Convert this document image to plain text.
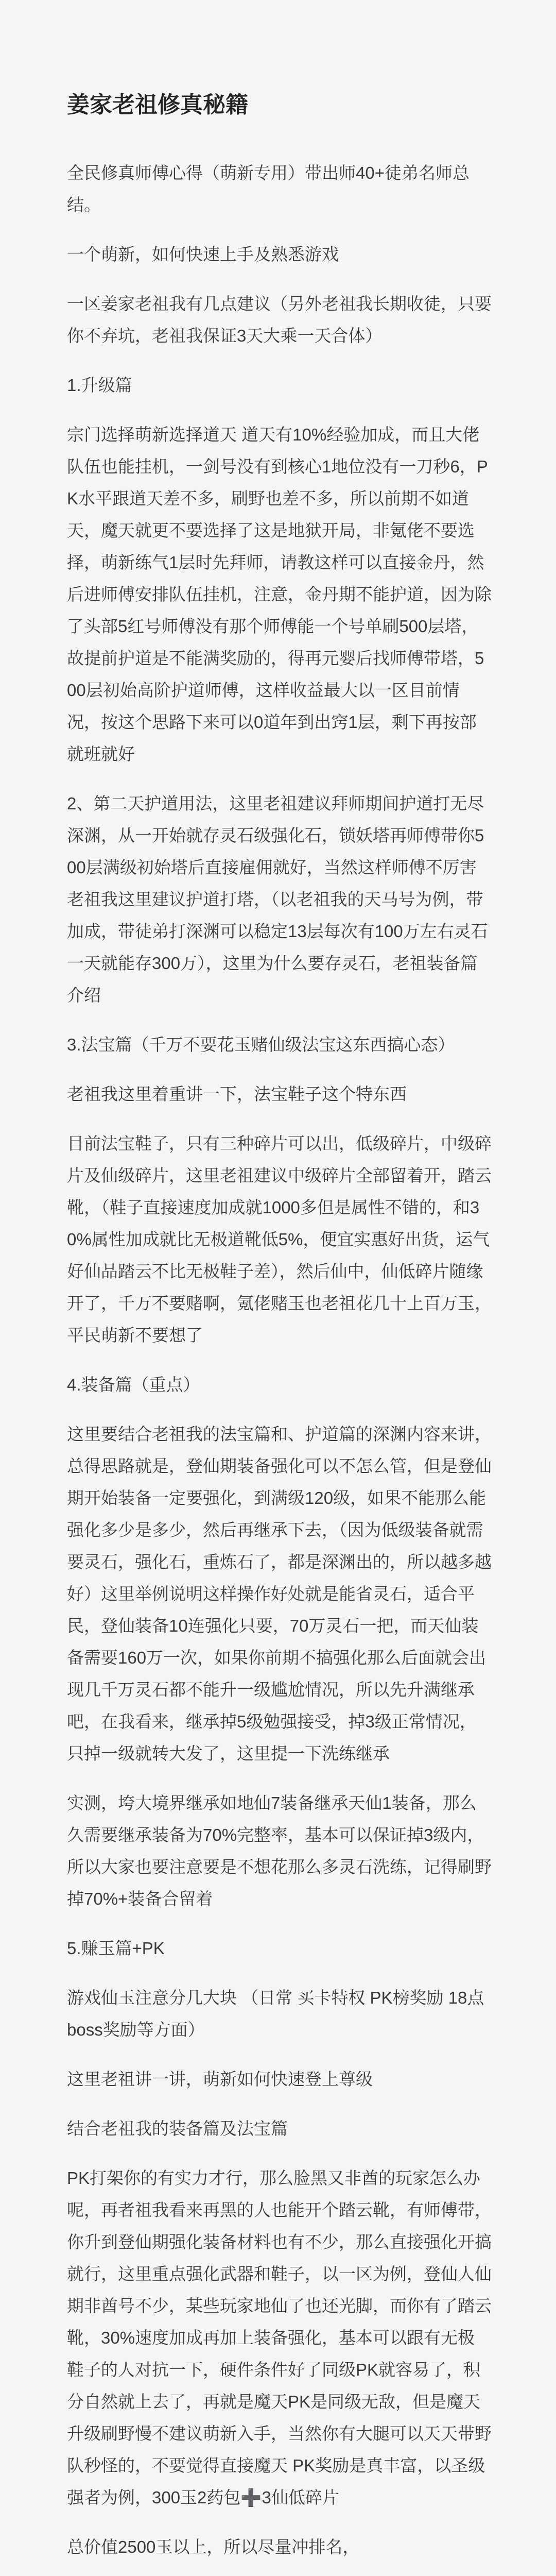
姜家老祖修真秘籍

全民修真师傅心得（萌新专用）带出师40+徒弟名师总结。

一个萌新，如何快速上手及熟悉游戏

一区姜家老祖我有几点建议（另外老祖我长期收徒，只要你不弃坑，老祖我保证3天大乘一天合体）

1.升级篇

宗门选择萌新选择道天 道天有10%经验加成，而且大佬队伍也能挂机，一剑号没有到核心1地位没有一刀秒6，PK水平跟道天差不多，刷野也差不多，所以前期不如道天，魔天就更不要选择了这是地狱开局，非氪佬不要选择，萌新练气1层时先拜师，请教这样可以直接金丹，然后进师傅安排队伍挂机，注意，金丹期不能护道，因为除了头部5红号师傅没有那个师傅能一个号单刷500层塔，故提前护道是不能满奖励的，得再元婴后找师傅带塔，500层初始高阶护道师傅，这样收益最大以一区目前情况，按这个思路下来可以0道年到出窍1层，剩下再按部就班就好

2、第二天护道用法，这里老祖建议拜师期间护道打无尽深渊，从一开始就存灵石级强化石，锁妖塔再师傅带你500层满级初始塔后直接雇佣就好，当然这样师傅不厉害老祖我这里建议护道打塔，（以老祖我的天马号为例，带加成，带徒弟打深渊可以稳定13层每次有100万左右灵石一天就能存300万），这里为什么要存灵石，老祖装备篇介绍

3.法宝篇（千万不要花玉赌仙级法宝这东西搞心态）

老祖我这里着重讲一下，法宝鞋子这个特东西

目前法宝鞋子，只有三种碎片可以出，低级碎片，中级碎片及仙级碎片，这里老祖建议中级碎片全部留着开，踏云靴，（鞋子直接速度加成就1000多但是属性不错的，和30%属性加成就比无极道靴低5%，便宜实惠好出货，运气好仙品踏云不比无极鞋子差），然后仙中，仙低碎片随缘开了，千万不要赌啊，氪佬赌玉也老祖花几十上百万玉，平民萌新不要想了

4.装备篇（重点）

这里要结合老祖我的法宝篇和、护道篇的深渊内容来讲，总得思路就是，登仙期装备强化可以不怎么管，但是登仙期开始装备一定要强化，到满级120级，如果不能那么能强化多少是多少，然后再继承下去，（因为低级装备就需要灵石，强化石，重炼石了，都是深渊出的，所以越多越好）这里举例说明这样操作好处就是能省灵石，适合平民，登仙装备10连强化只要，70万灵石一把，而天仙装备需要160万一次，如果你前期不搞强化那么后面就会出现几千万灵石都不能升一级尴尬情况，所以先升满继承吧，在我看来，继承掉5级勉强接受，掉3级正常情况，只掉一级就转大发了，这里提一下洗练继承

实测，垮大境界继承如地仙7装备继承天仙1装备，那么久需要继承装备为70%完整率，基本可以保证掉3级内，所以大家也要注意要是不想花那么多灵石洗练，记得刷野掉70%+装备合留着

5.赚玉篇+PK

游戏仙玉注意分几大块 （日常 买卡特权 PK榜奖励 18点boss奖励等方面）

这里老祖讲一讲，萌新如何快速登上尊级

结合老祖我的装备篇及法宝篇

PK打架你的有实力才行，那么脸黑又非酋的玩家怎么办呢，再者祖我看来再黑的人也能开个踏云靴，有师傅带，你升到登仙期强化装备材料也有不少，那么直接强化开搞就行，这里重点强化武器和鞋子，以一区为例，登仙人仙期非酋号不少，某些玩家地仙了也还光脚，而你有了踏云靴，30%速度加成再加上装备强化，基本可以跟有无极鞋子的人对抗一下，硬件条件好了同级PK就容易了，积分自然就上去了，再就是魔天PK是同级无敌，但是魔天升级刷野慢不建议萌新入手，当然你有大腿可以天天带野队秒怪的，不要觉得直接魔天 PK奖励是真丰富，以圣级强者为例，300玉2药包➕3仙低碎片

总价值2500玉以上，所以尽量冲排名，
